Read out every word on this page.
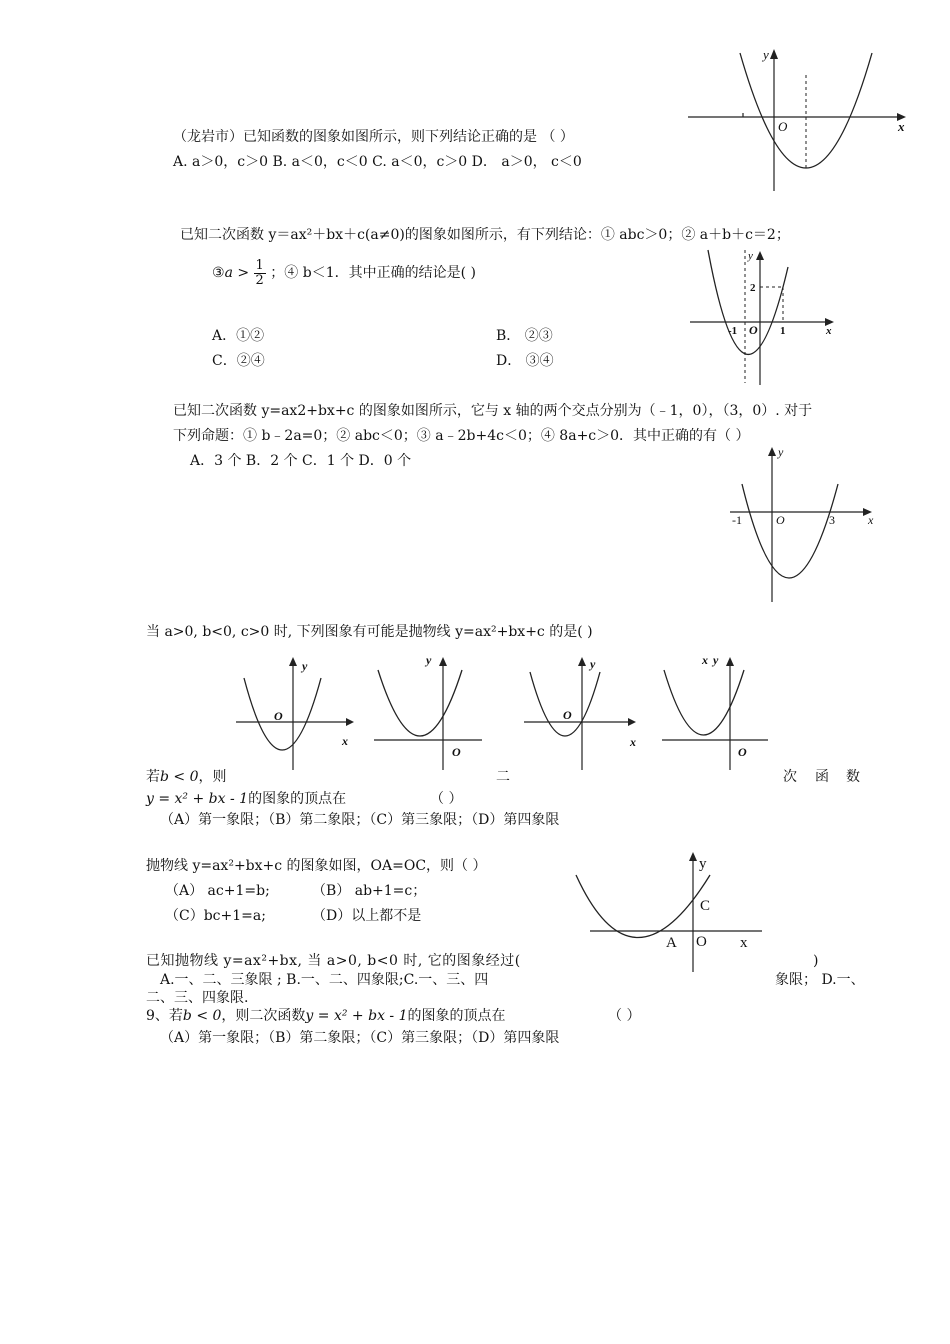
（龙岩市）已知函数的图象如图所示，则下列结论正确的是 （ ）
A. a＞0，c＞0 B. a＜0，c＜0 C. a＜0，c＞0 D． a＞0， c＜0
y
x
O
已知二次函数 y＝ax²＋bx＋c(a≠0)的图象如图所示，有下列结论：① abc＞0；② a＋b＋c＝2；
③a > $\frac{1}{2}$ ；④ b＜1．其中正确的结论是( )
A．①②	B． ②③
C．②④	D． ③④
y
x
O
-1	1
2
已知二次函数 y=ax2+bx+c 的图象如图所示，它与 x 轴的两个交点分别为（﹣1，0），（3，0）. 对于
下列命题：① b﹣2a=0；② abc＜0；③ a﹣2b+4c＜0；④ 8a+c＞0．其中正确的有（ ）
A．3 个 B．2 个 C．1 个 D．0 个
y
x
O
-1	3
当 a>0, b<0, c>0 时, 下列图象有可能是抛物线 y=ax²+bx+c 的是( )
y
x
O
y
O
y
x
O
y
O
x
若b < 0，则	二	次 函 数
y = x² + bx - 1的图象的顶点在	（ ）
（A）第一象限；（B）第二象限；（C）第三象限；（D）第四象限
抛物线 y=ax²+bx+c 的图象如图，OA=OC，则（ ）
（A） ac+1=b;	（B） ab+1=c；
（C）bc+1=a;	（D）以上都不是
y
x
O
A
C
已知抛物线 y=ax²+bx, 当 a>0, b<0 时, 它的图象经过(	)
A.一、二、三象限 ; B.一、二、四象限;C.一、三、四	象限； D.一、
二、三、四象限.
9、若b < 0，则二次函数y = x² + bx - 1的图象的顶点在	（ ）
（A）第一象限；（B）第二象限；（C）第三象限；（D）第四象限
